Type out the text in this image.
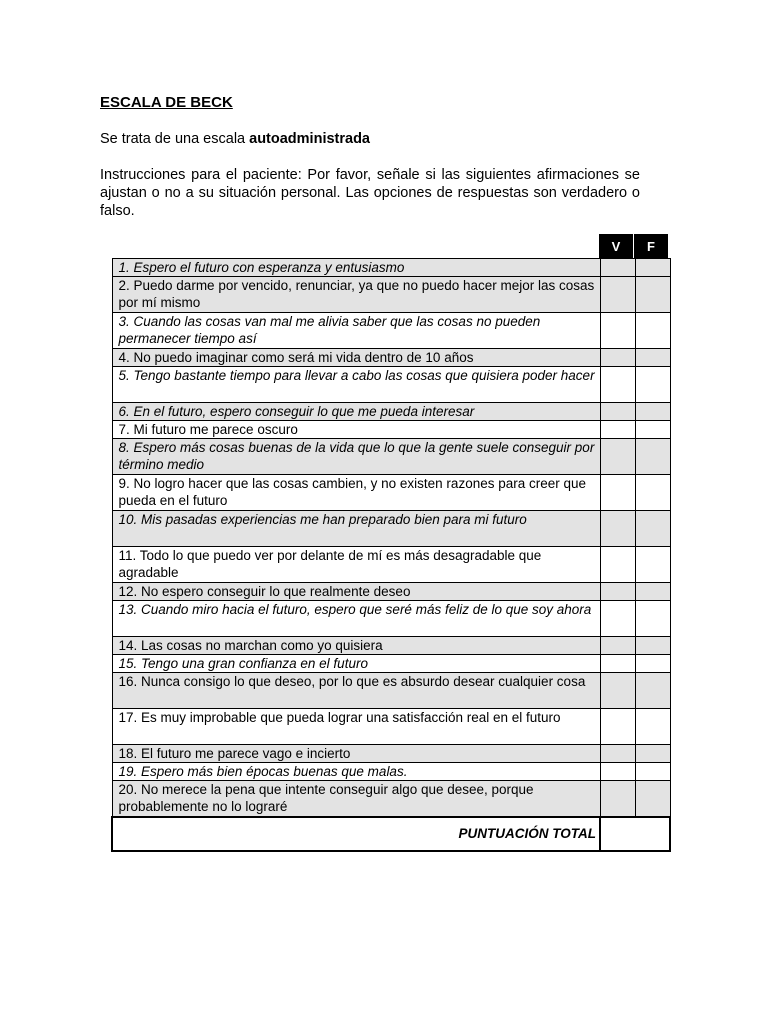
ESCALA DE BECK

Se trata de una escala autoadministrada

Instrucciones para el paciente: Por favor, señale si las siguientes afirmaciones se ajustan o no a su situación personal. Las opciones de respuestas son verdadero o falso.

V	F
1. Espero el futuro con esperanza y entusiasmo		
2. Puedo darme por vencido, renunciar, ya que no puedo hacer mejor las cosas por mí mismo		
3. Cuando las cosas van mal me alivia saber que las cosas no pueden permanecer tiempo así		
4. No puedo imaginar como será mi vida dentro de 10 años		
5. Tengo bastante tiempo para llevar a cabo las cosas que quisiera poder hacer		
6. En el futuro, espero conseguir lo que me pueda interesar		
7. Mi futuro me parece oscuro		
8. Espero más cosas buenas de la vida que lo que la gente suele conseguir por término medio		
9. No logro hacer que las cosas cambien, y no existen razones para creer que pueda en el futuro		
10. Mis pasadas experiencias me han preparado bien para mi futuro		
11. Todo lo que puedo ver por delante de mí es más desagradable que agradable		
12. No espero conseguir lo que realmente deseo		
13. Cuando miro hacia el futuro, espero que seré más feliz de lo que soy ahora		
14. Las cosas no marchan como yo quisiera		
15. Tengo una gran confianza en el futuro		
16. Nunca consigo lo que deseo, por lo que es absurdo desear cualquier cosa		
17. Es muy improbable que pueda lograr una satisfacción real en el futuro		
18. El futuro me parece vago e incierto		
19. Espero más bien épocas buenas que malas.		
20. No merece la pena que intente conseguir algo que desee, porque probablemente no lo lograré		
PUNTUACIÓN TOTAL		
